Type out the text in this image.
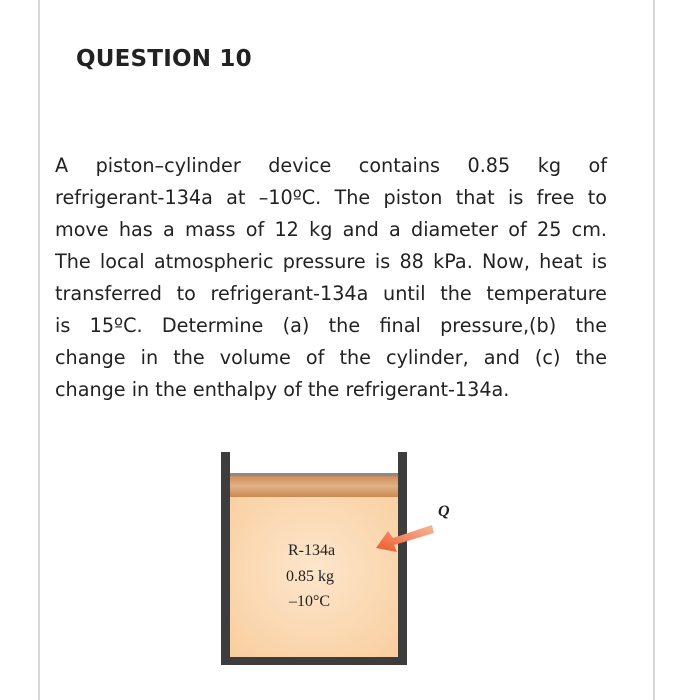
QUESTION 10
A piston–cylinder device contains 0.85 kg of
refrigerant-134a at –10ºC. The piston that is free to
move has a mass of 12 kg and a diameter of 25 cm.
The local atmospheric pressure is 88 kPa. Now, heat is
transferred to refrigerant-134a until the temperature
is 15ºC. Determine (a) the final pressure,(b) the
change in the volume of the cylinder, and (c) the
change in the enthalpy of the refrigerant-134a.
R-134a
0.85 kg
–10°C
Q
